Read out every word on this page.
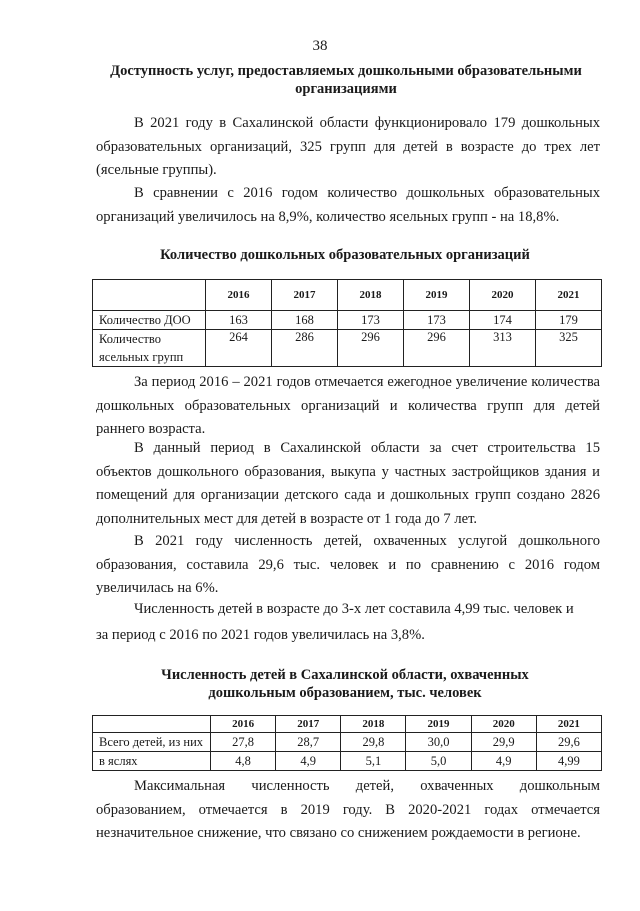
38
Доступность услуг, предоставляемых дошкольными образовательными организациями

В 2021 году в Сахалинской области функционировало 179 дошкольных образовательных организаций, 325 групп для детей в возрасте до трех лет (ясельные группы).

В сравнении с 2016 годом количество дошкольных образовательных организаций увеличилось на 8,9%, количество ясельных групп - на 18,8%.

Количество дошкольных образовательных организаций
	2016	2017	2018	2019	2020	2021
Количество ДОО	163	168	173	173	174	179
Количество ясельных групп	264	286	296	296	313	325

За период 2016 – 2021 годов отмечается ежегодное увеличение количества дошкольных образовательных организаций и количества групп для детей раннего возраста.

В данный период в Сахалинской области за счет строительства 15 объектов дошкольного образования, выкупа у частных застройщиков здания и помещений для организации детского сада и дошкольных групп создано 2826 дополнительных мест для детей в возрасте от 1 года до 7 лет.

В 2021 году численность детей, охваченных услугой дошкольного образования, составила 29,6 тыс. человек и по сравнению с 2016 годом увеличилась на 6%.

Численность детей в возрасте до 3-х лет составила 4,99 тыс. человек и

за период с 2016 по 2021 годов увеличилась на 3,8%.

Численность детей в Сахалинской области, охваченных дошкольным образованием, тыс. человек
	2016	2017	2018	2019	2020	2021
Всего детей, из них	27,8	28,7	29,8	30,0	29,9	29,6
в яслях	4,8	4,9	5,1	5,0	4,9	4,99

Максимальная численность детей, охваченных дошкольным образованием, отмечается в 2019 году. В 2020-2021 годах отмечается незначительное снижение, что связано со снижением рождаемости в регионе.
